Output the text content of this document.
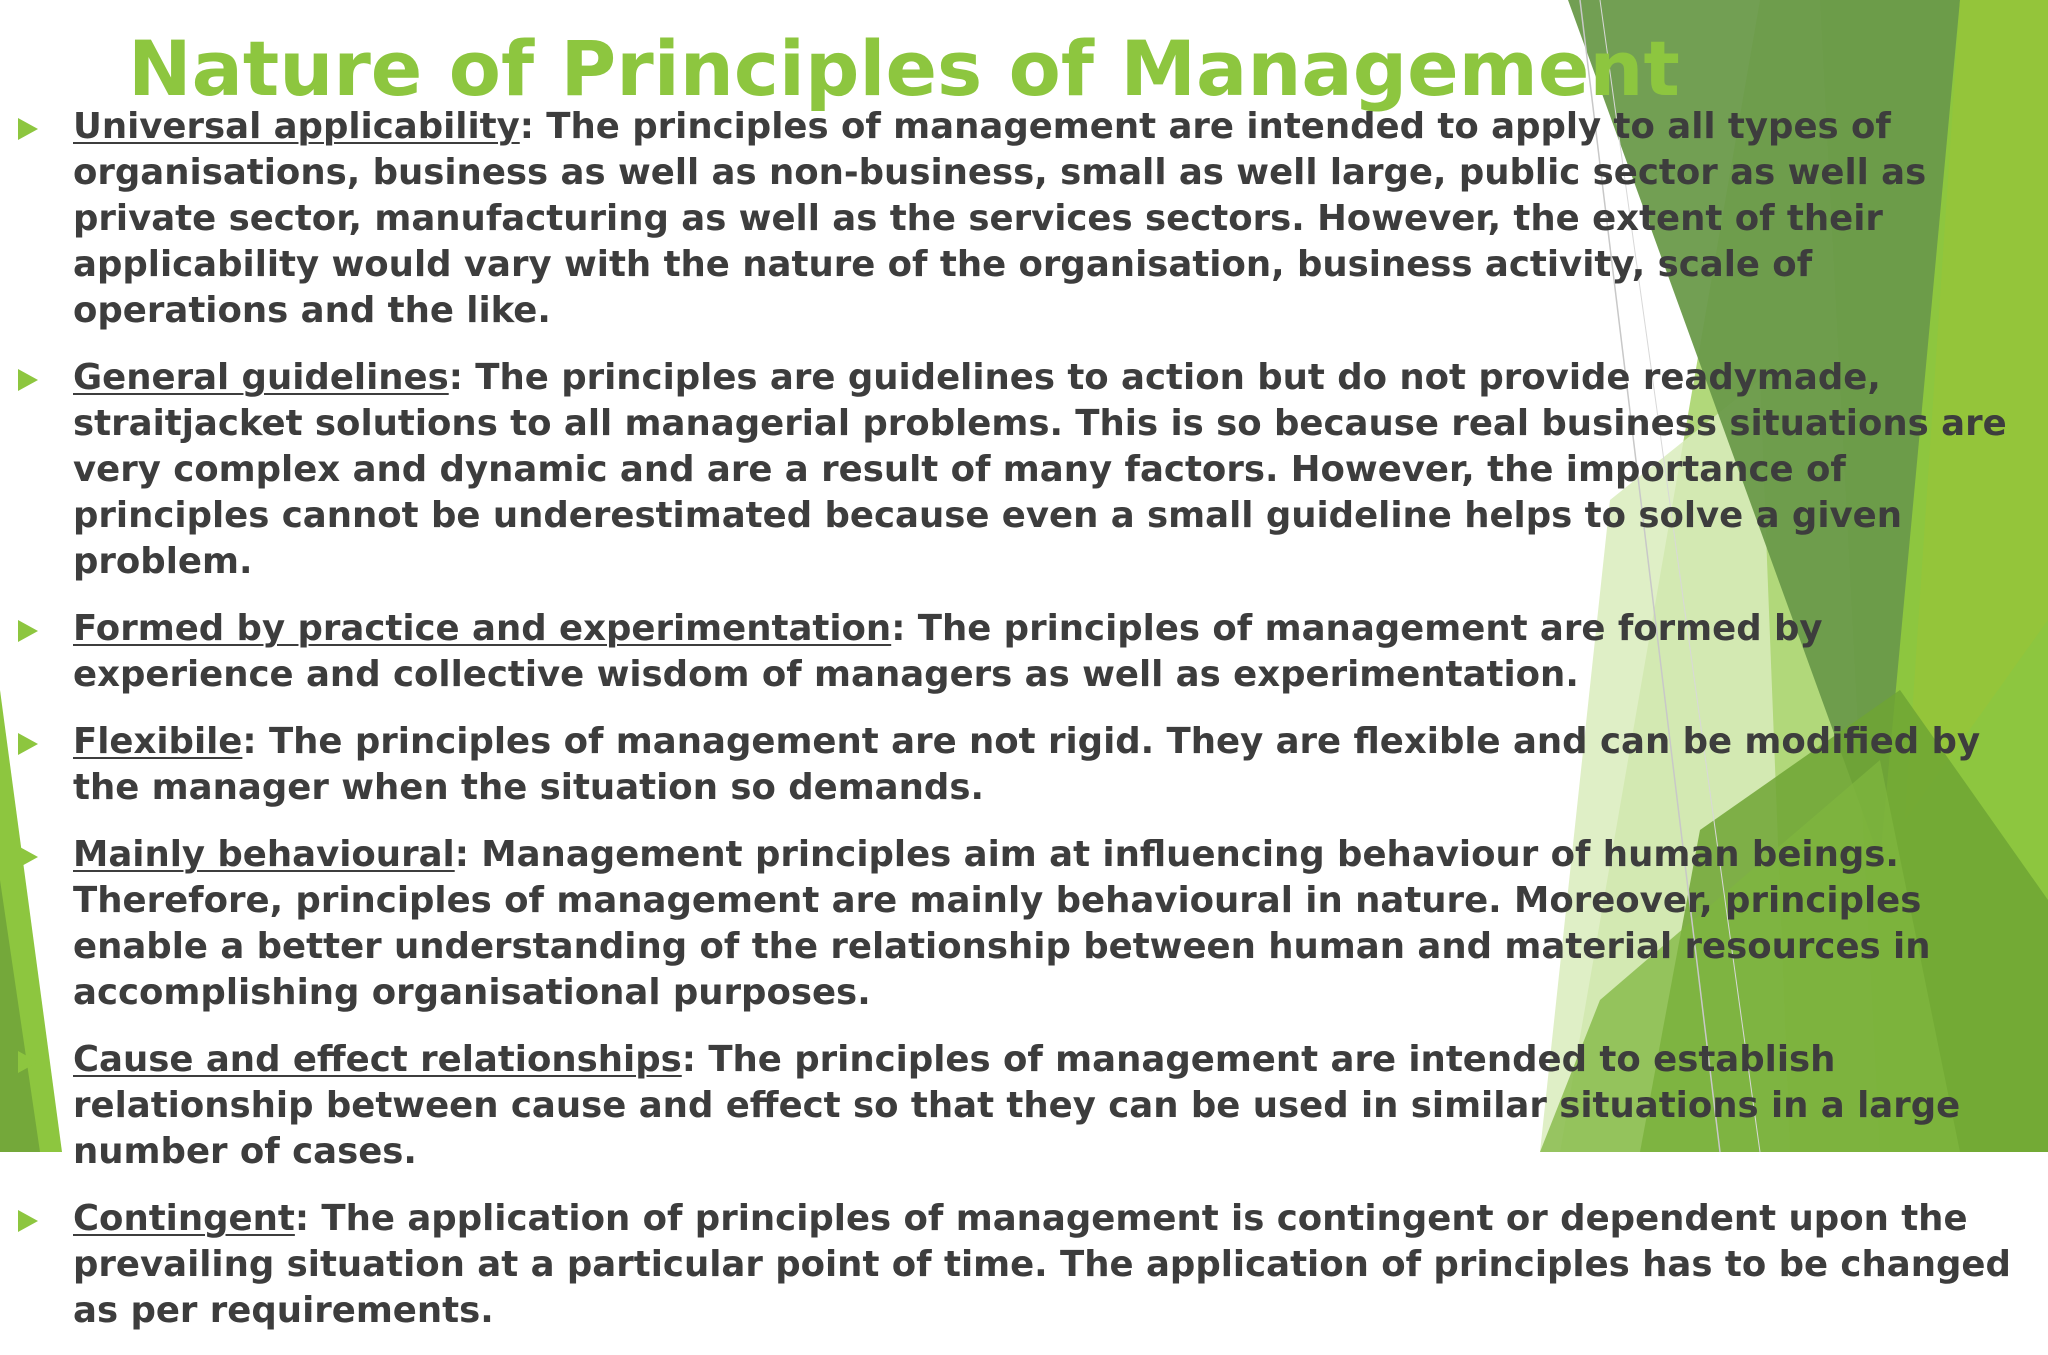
Nature of Principles of Management
Universal applicability: The principles of management are intended to apply to all types of organisations, business as well as non-business, small as well large, public sector as well as private sector, manufacturing as well as the services sectors. However, the extent of their applicability would vary with the nature of the organisation, business activity, scale of operations and the like.
General guidelines: The principles are guidelines to action but do not provide readymade, straitjacket solutions to all managerial problems. This is so because real business situations are very complex and dynamic and are a result of many factors. However, the importance of principles cannot be underestimated because even a small guideline helps to solve a given problem.
Formed by practice and experimentation: The principles of management are formed by experience and collective wisdom of managers as well as experimentation.
Flexibile: The principles of management are not rigid. They are flexible and can be modified by the manager when the situation so demands.
Mainly behavioural: Management principles aim at influencing behaviour of human beings. Therefore, principles of management are mainly behavioural in nature. Moreover, principles enable a better understanding of the relationship between human and material resources in accomplishing organisational purposes.
Cause and effect relationships: The principles of management are intended to establish relationship between cause and effect so that they can be used in similar situations in a large number of cases.
Contingent: The application of principles of management is contingent or dependent upon the prevailing situation at a particular point of time. The application of principles has to be changed as per requirements.
